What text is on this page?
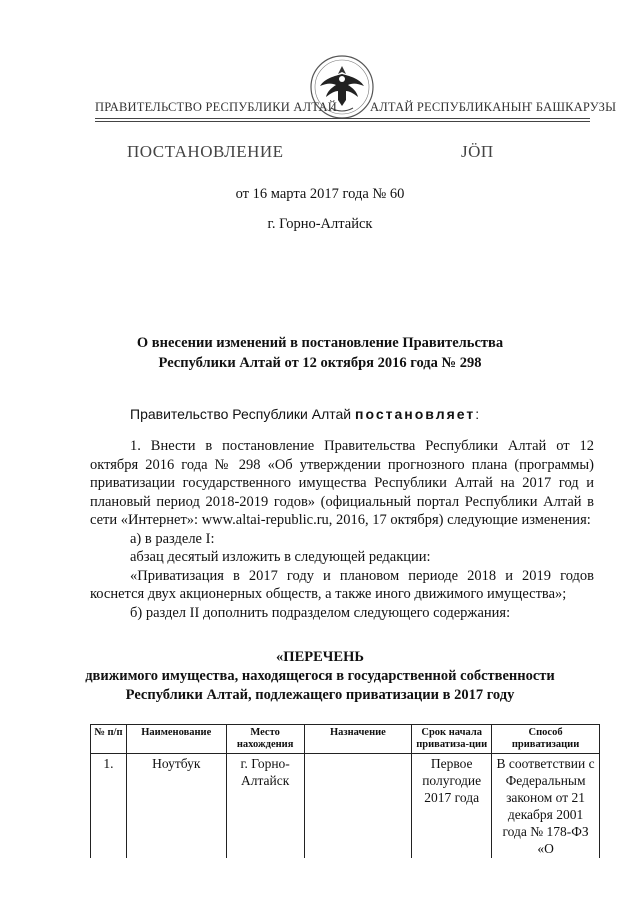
ПРАВИТЕЛЬСТВО РЕСПУБЛИКИ АЛТАЙ	АЛТАЙ РЕСПУБЛИКАНЫҤ БАШКАРУЗЫ
ПОСТАНОВЛЕНИЕ	JӦП
от 16 марта 2017 года № 60
г. Горно-Алтайск
О внесении изменений в постановление Правительства
Республики Алтай от 12 октября 2016 года № 298
Правительство Республики Алтай постановляет:
1. Внести в постановление Правительства Республики Алтай от 12 октября 2016 года № 298 «Об утверждении прогнозного плана (программы) приватизации государственного имущества Республики Алтай на 2017 год и плановый период 2018-2019 годов» (официальный портал Республики Алтай в сети «Интернет»: www.altai-republic.ru, 2016, 17 октября) следующие изменения:
а) в разделе I:
абзац десятый изложить в следующей редакции:
«Приватизация в 2017 году и плановом периоде 2018 и 2019 годов коснется двух акционерных обществ, а также иного движимого имущества»;
б) раздел II дополнить подразделом следующего содержания:
«ПЕРЕЧЕНЬ
движимого имущества, находящегося в государственной собственности
Республики Алтай, подлежащего приватизации в 2017 году
№ п/п	Наименование	Место нахождения	Назначение	Срок начала приватиза-ции	Способ приватизации
1.	Ноутбук	г. Горно-Алтайск		Первое полугодие 2017 года	В соответствии с Федеральным законом от 21 декабря 2001 года № 178-ФЗ «О
